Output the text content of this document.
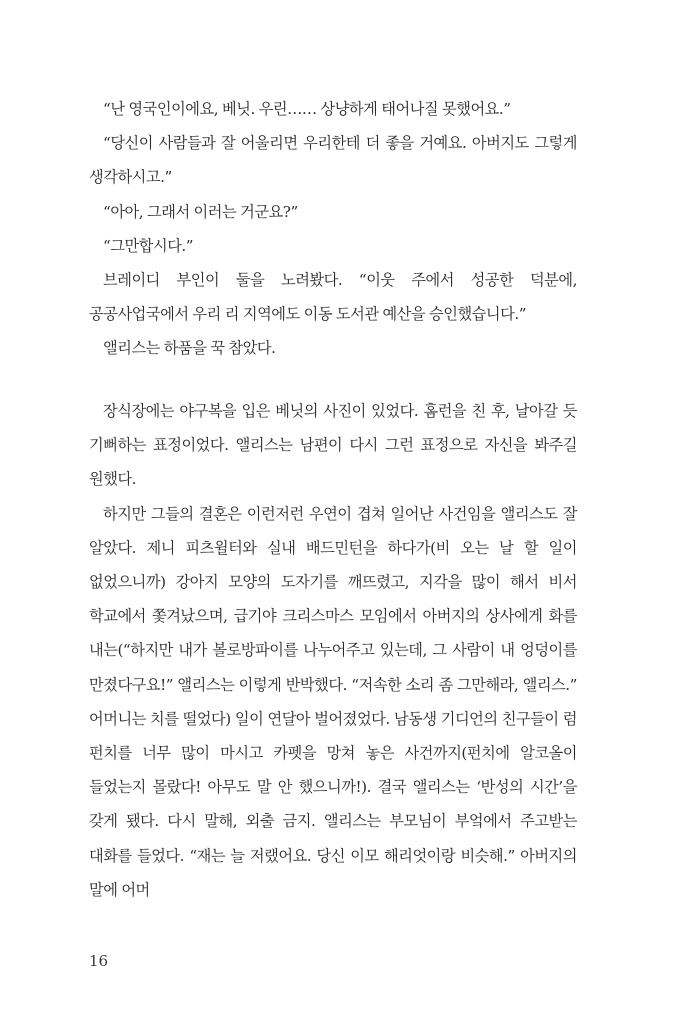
“난 영국인이에요, 베닛. 우린…… 상냥하게 태어나질 못했어요.”

“당신이 사람들과 잘 어울리면 우리한테 더 좋을 거예요. 아버지도 그렇게 생각하시고.”

“아아, 그래서 이러는 거군요?”

“그만합시다.”

브레이디 부인이 둘을 노려봤다. “이웃 주에서 성공한 덕분에, 공공사업국에서 우리 리 지역에도 이동 도서관 예산을 승인했습니다.”

앨리스는 하품을 꾹 참았다.

장식장에는 야구복을 입은 베닛의 사진이 있었다. 홈런을 친 후, 날아갈 듯 기뻐하는 표정이었다. 앨리스는 남편이 다시 그런 표정으로 자신을 봐주길 원했다.

하지만 그들의 결혼은 이런저런 우연이 겹쳐 일어난 사건임을 앨리스도 잘 알았다. 제니 피츠윌터와 실내 배드민턴을 하다가(비 오는 날 할 일이 없었으니까) 강아지 모양의 도자기를 깨뜨렸고, 지각을 많이 해서 비서 학교에서 쫓겨났으며, 급기야 크리스마스 모임에서 아버지의 상사에게 화를 내는(“하지만 내가 볼로방파이를 나누어주고 있는데, 그 사람이 내 엉덩이를 만졌다구요!” 앨리스는 이렇게 반박했다. “저속한 소리 좀 그만해라, 앨리스.” 어머니는 치를 떨었다) 일이 연달아 벌어졌었다. 남동생 기디언의 친구들이 럼 펀치를 너무 많이 마시고 카펫을 망쳐 놓은 사건까지(펀치에 알코올이 들었는지 몰랐다! 아무도 말 안 했으니까!). 결국 앨리스는 ‘반성의 시간’을 갖게 됐다. 다시 말해, 외출 금지. 앨리스는 부모님이 부엌에서 주고받는 대화를 들었다. “재는 늘 저랬어요. 당신 이모 해리엇이랑 비슷해.” 아버지의 말에 어머

16
